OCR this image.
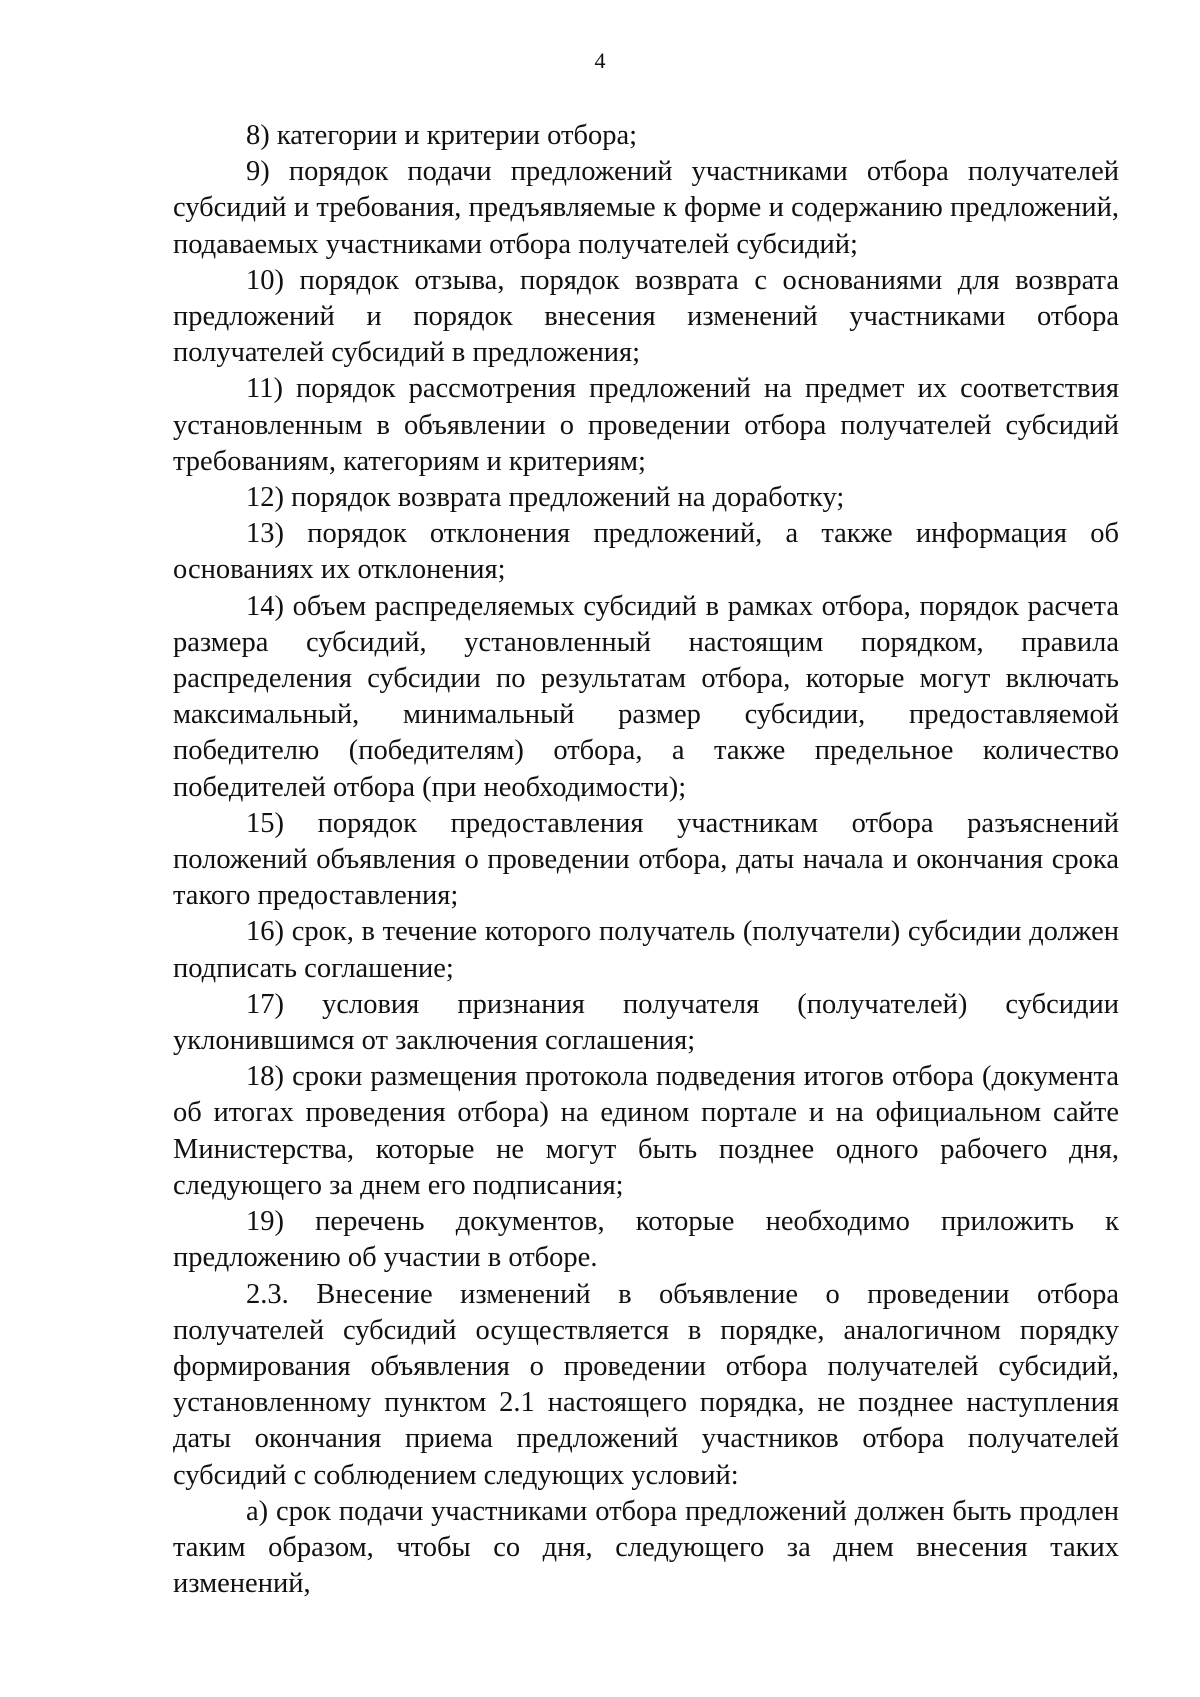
4

8) категории и критерии отбора;

9) порядок подачи предложений участниками отбора получателей субсидий и требования, предъявляемые к форме и содержанию предложений, подаваемых участниками отбора получателей субсидий;

10) порядок отзыва, порядок возврата с основаниями для возврата предложений и порядок внесения изменений участниками отбора получателей субсидий в предложения;

11) порядок рассмотрения предложений на предмет их соответствия установленным в объявлении о проведении отбора получателей субсидий требованиям, категориям и критериям;

12) порядок возврата предложений на доработку;

13) порядок отклонения предложений, а также информация об основаниях их отклонения;

14) объем распределяемых субсидий в рамках отбора, порядок расчета размера субсидий, установленный настоящим порядком, правила распределения субсидии по результатам отбора, которые могут включать максимальный, минимальный размер субсидии, предоставляемой победителю (победителям) отбора, а также предельное количество победителей отбора (при необходимости);

15) порядок предоставления участникам отбора разъяснений положений объявления о проведении отбора, даты начала и окончания срока такого предоставления;

16) срок, в течение которого получатель (получатели) субсидии должен подписать соглашение;

17) условия признания получателя (получателей) субсидии уклонившимся от заключения соглашения;

18) сроки размещения протокола подведения итогов отбора (документа об итогах проведения отбора) на едином портале и на официальном сайте Министерства, которые не могут быть позднее одного рабочего дня, следующего за днем его подписания;

19) перечень документов, которые необходимо приложить к предложению об участии в отборе.

2.3. Внесение изменений в объявление о проведении отбора получателей субсидий осуществляется в порядке, аналогичном порядку формирования объявления о проведении отбора получателей субсидий, установленному пунктом 2.1 настоящего порядка, не позднее наступления даты окончания приема предложений участников отбора получателей субсидий с соблюдением следующих условий:

а) срок подачи участниками отбора предложений должен быть продлен таким образом, чтобы со дня, следующего за днем внесения таких изменений,
